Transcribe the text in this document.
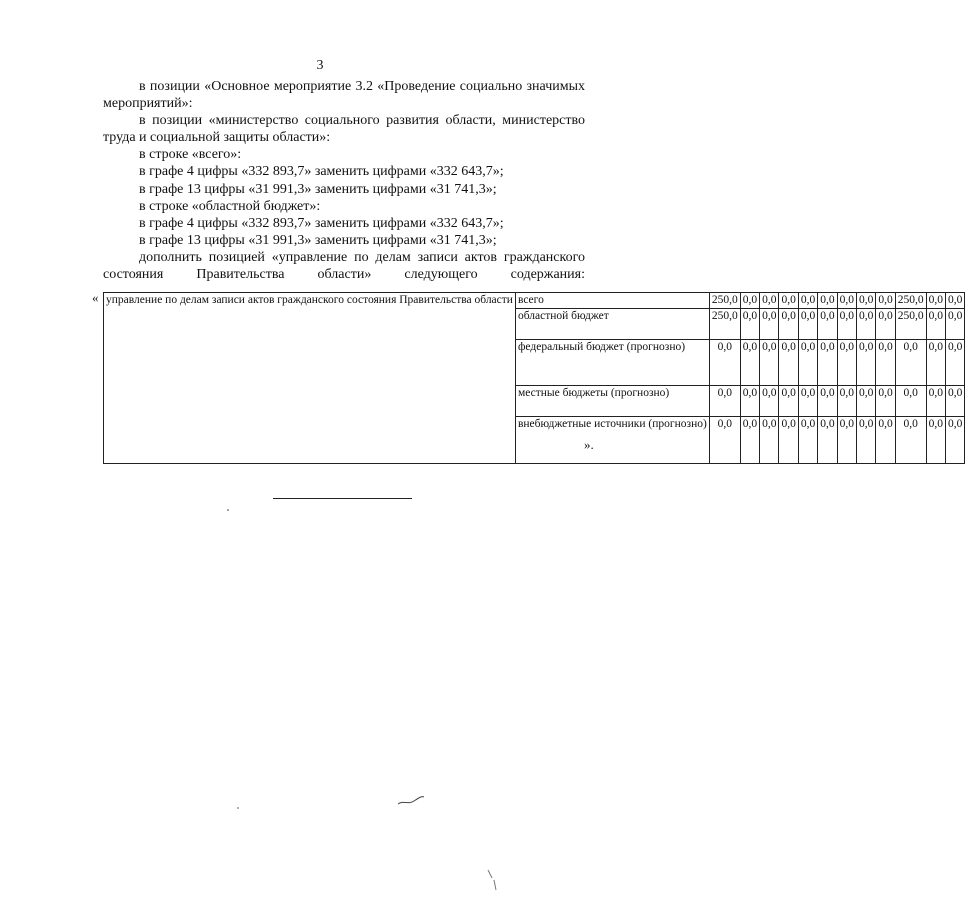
3

в позиции «Основное мероприятие 3.2 «Проведение социально значимых мероприятий»:

в позиции «министерство социального развития области, министерство труда и социальной защиты области»:

в строке «всего»:

в графе 4 цифры «332 893,7» заменить цифрами «332 643,7»;

в графе 13 цифры «31 991,3» заменить цифрами «31 741,3»;

в строке «областной бюджет»:

в графе 4 цифры «332 893,7» заменить цифрами «332 643,7»;

в графе 13 цифры «31 991,3» заменить цифрами «31 741,3»;

дополнить позицией «управление по делам записи актов гражданского состояния Правительства области» следующего содержания:

« управление по делам записи актов гражданского состояния Правительства области	всего	250,0	0,0	0,0	0,0	0,0	0,0	0,0	0,0	0,0	250,0	0,0	0,0
	областной бюджет	250,0	0,0	0,0	0,0	0,0	0,0	0,0	0,0	0,0	250,0	0,0	0,0
	федеральный бюджет (прогнозно)	0,0	0,0	0,0	0,0	0,0	0,0	0,0	0,0	0,0	0,0	0,0	0,0
	местные бюджеты (прогнозно)	0,0	0,0	0,0	0,0	0,0	0,0	0,0	0,0	0,0	0,0	0,0	0,0
	внебюджетные источники (прогнозно)	0,0	0,0	0,0	0,0	0,0	0,0	0,0	0,0	0,0	0,0	0,0	0,0
».
